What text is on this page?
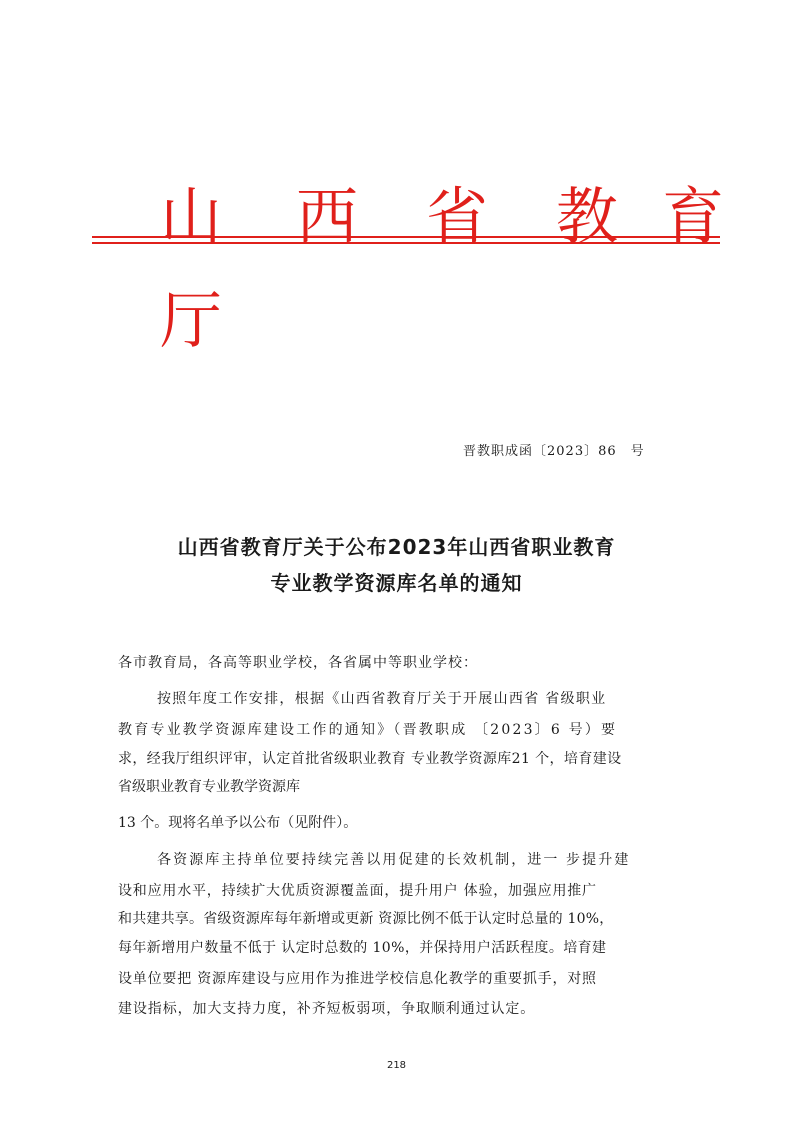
山 西 省 教 育
厅
晋教职成函〔2023〕86　号
山西省教育厅关于公布2023年山西省职业教育
专业教学资源库名单的通知
各市教育局，各高等职业学校，各省属中等职业学校：
按照年度工作安排，根据《山西省教育厅关于开展山西省 省级职业
教育专业教学资源库建设工作的通知》（晋教职成 〔2023〕6 号）要
求，经我厅组织评审，认定首批省级职业教育 专业教学资源库21 个，培育建设
省级职业教育专业教学资源库
13 个。现将名单予以公布（见附件）。
各资源库主持单位要持续完善以用促建的长效机制，进一 步提升建
设和应用水平，持续扩大优质资源覆盖面，提升用户 体验，加强应用推广
和共建共享。省级资源库每年新增或更新 资源比例不低于认定时总量的 10%，
每年新增用户数量不低于 认定时总数的 10%，并保持用户活跃程度。培育建
设单位要把 资源库建设与应用作为推进学校信息化教学的重要抓手，对照
建设指标，加大支持力度，补齐短板弱项，争取顺利通过认定。
218
